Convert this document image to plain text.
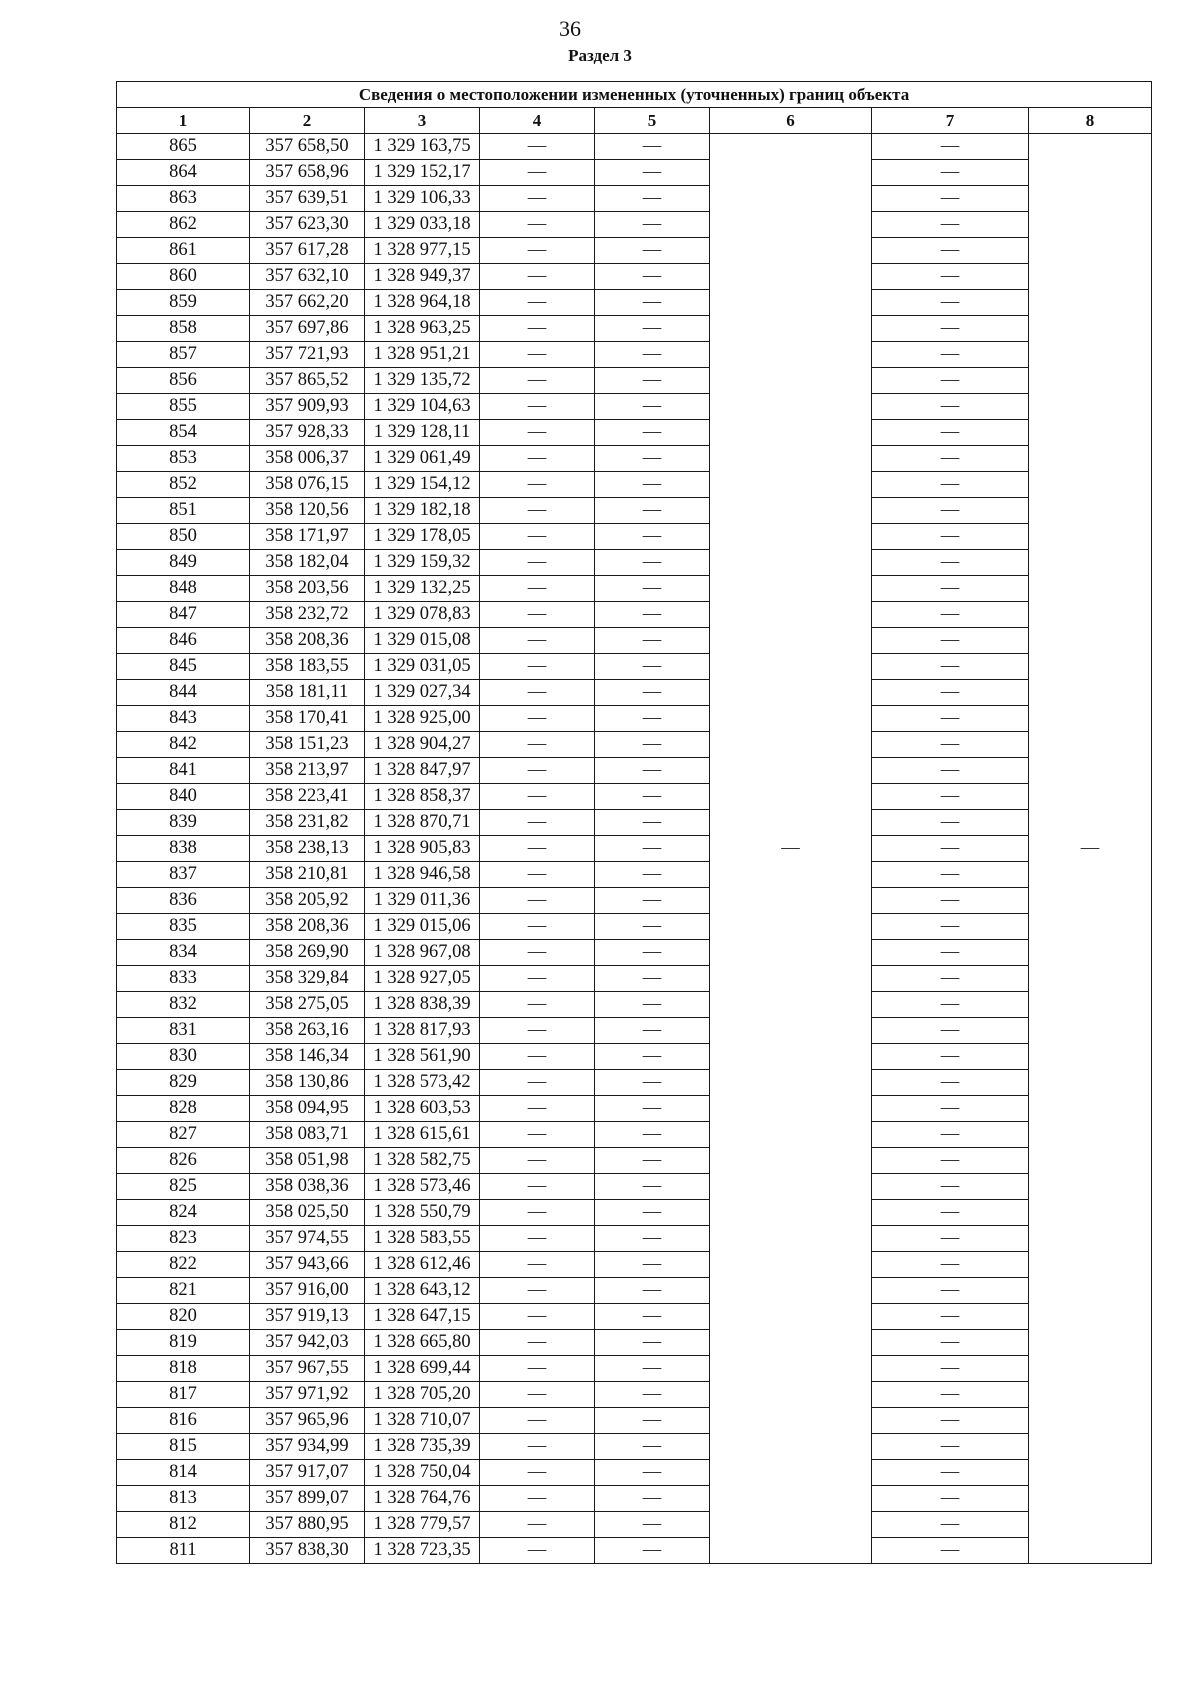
36
Раздел 3
Сведения о местоположении измененных (уточненных) границ объекта							
1	2	3	4	5	6	7	8
865	357 658,50	1 329 163,75	—	—	—	—	—
864	357 658,96	1 329 152,17	—	—		—	
863	357 639,51	1 329 106,33	—	—		—	
862	357 623,30	1 329 033,18	—	—		—	
861	357 617,28	1 328 977,15	—	—		—	
860	357 632,10	1 328 949,37	—	—		—	
859	357 662,20	1 328 964,18	—	—		—	
858	357 697,86	1 328 963,25	—	—		—	
857	357 721,93	1 328 951,21	—	—		—	
856	357 865,52	1 329 135,72	—	—		—	
855	357 909,93	1 329 104,63	—	—		—	
854	357 928,33	1 329 128,11	—	—		—	
853	358 006,37	1 329 061,49	—	—		—	
852	358 076,15	1 329 154,12	—	—		—	
851	358 120,56	1 329 182,18	—	—		—	
850	358 171,97	1 329 178,05	—	—		—	
849	358 182,04	1 329 159,32	—	—		—	
848	358 203,56	1 329 132,25	—	—		—	
847	358 232,72	1 329 078,83	—	—		—	
846	358 208,36	1 329 015,08	—	—		—	
845	358 183,55	1 329 031,05	—	—		—	
844	358 181,11	1 329 027,34	—	—		—	
843	358 170,41	1 328 925,00	—	—		—	
842	358 151,23	1 328 904,27	—	—		—	
841	358 213,97	1 328 847,97	—	—		—	
840	358 223,41	1 328 858,37	—	—		—	
839	358 231,82	1 328 870,71	—	—		—	
838	358 238,13	1 328 905,83	—	—		—	
837	358 210,81	1 328 946,58	—	—		—	
836	358 205,92	1 329 011,36	—	—		—	
835	358 208,36	1 329 015,06	—	—		—	
834	358 269,90	1 328 967,08	—	—		—	
833	358 329,84	1 328 927,05	—	—		—	
832	358 275,05	1 328 838,39	—	—		—	
831	358 263,16	1 328 817,93	—	—		—	
830	358 146,34	1 328 561,90	—	—		—	
829	358 130,86	1 328 573,42	—	—		—	
828	358 094,95	1 328 603,53	—	—		—	
827	358 083,71	1 328 615,61	—	—		—	
826	358 051,98	1 328 582,75	—	—		—	
825	358 038,36	1 328 573,46	—	—		—	
824	358 025,50	1 328 550,79	—	—		—	
823	357 974,55	1 328 583,55	—	—		—	
822	357 943,66	1 328 612,46	—	—		—	
821	357 916,00	1 328 643,12	—	—		—	
820	357 919,13	1 328 647,15	—	—		—	
819	357 942,03	1 328 665,80	—	—		—	
818	357 967,55	1 328 699,44	—	—		—	
817	357 971,92	1 328 705,20	—	—		—	
816	357 965,96	1 328 710,07	—	—		—	
815	357 934,99	1 328 735,39	—	—		—	
814	357 917,07	1 328 750,04	—	—		—	
813	357 899,07	1 328 764,76	—	—		—	
812	357 880,95	1 328 779,57	—	—		—	
811	357 838,30	1 328 723,35	—	—		—	
